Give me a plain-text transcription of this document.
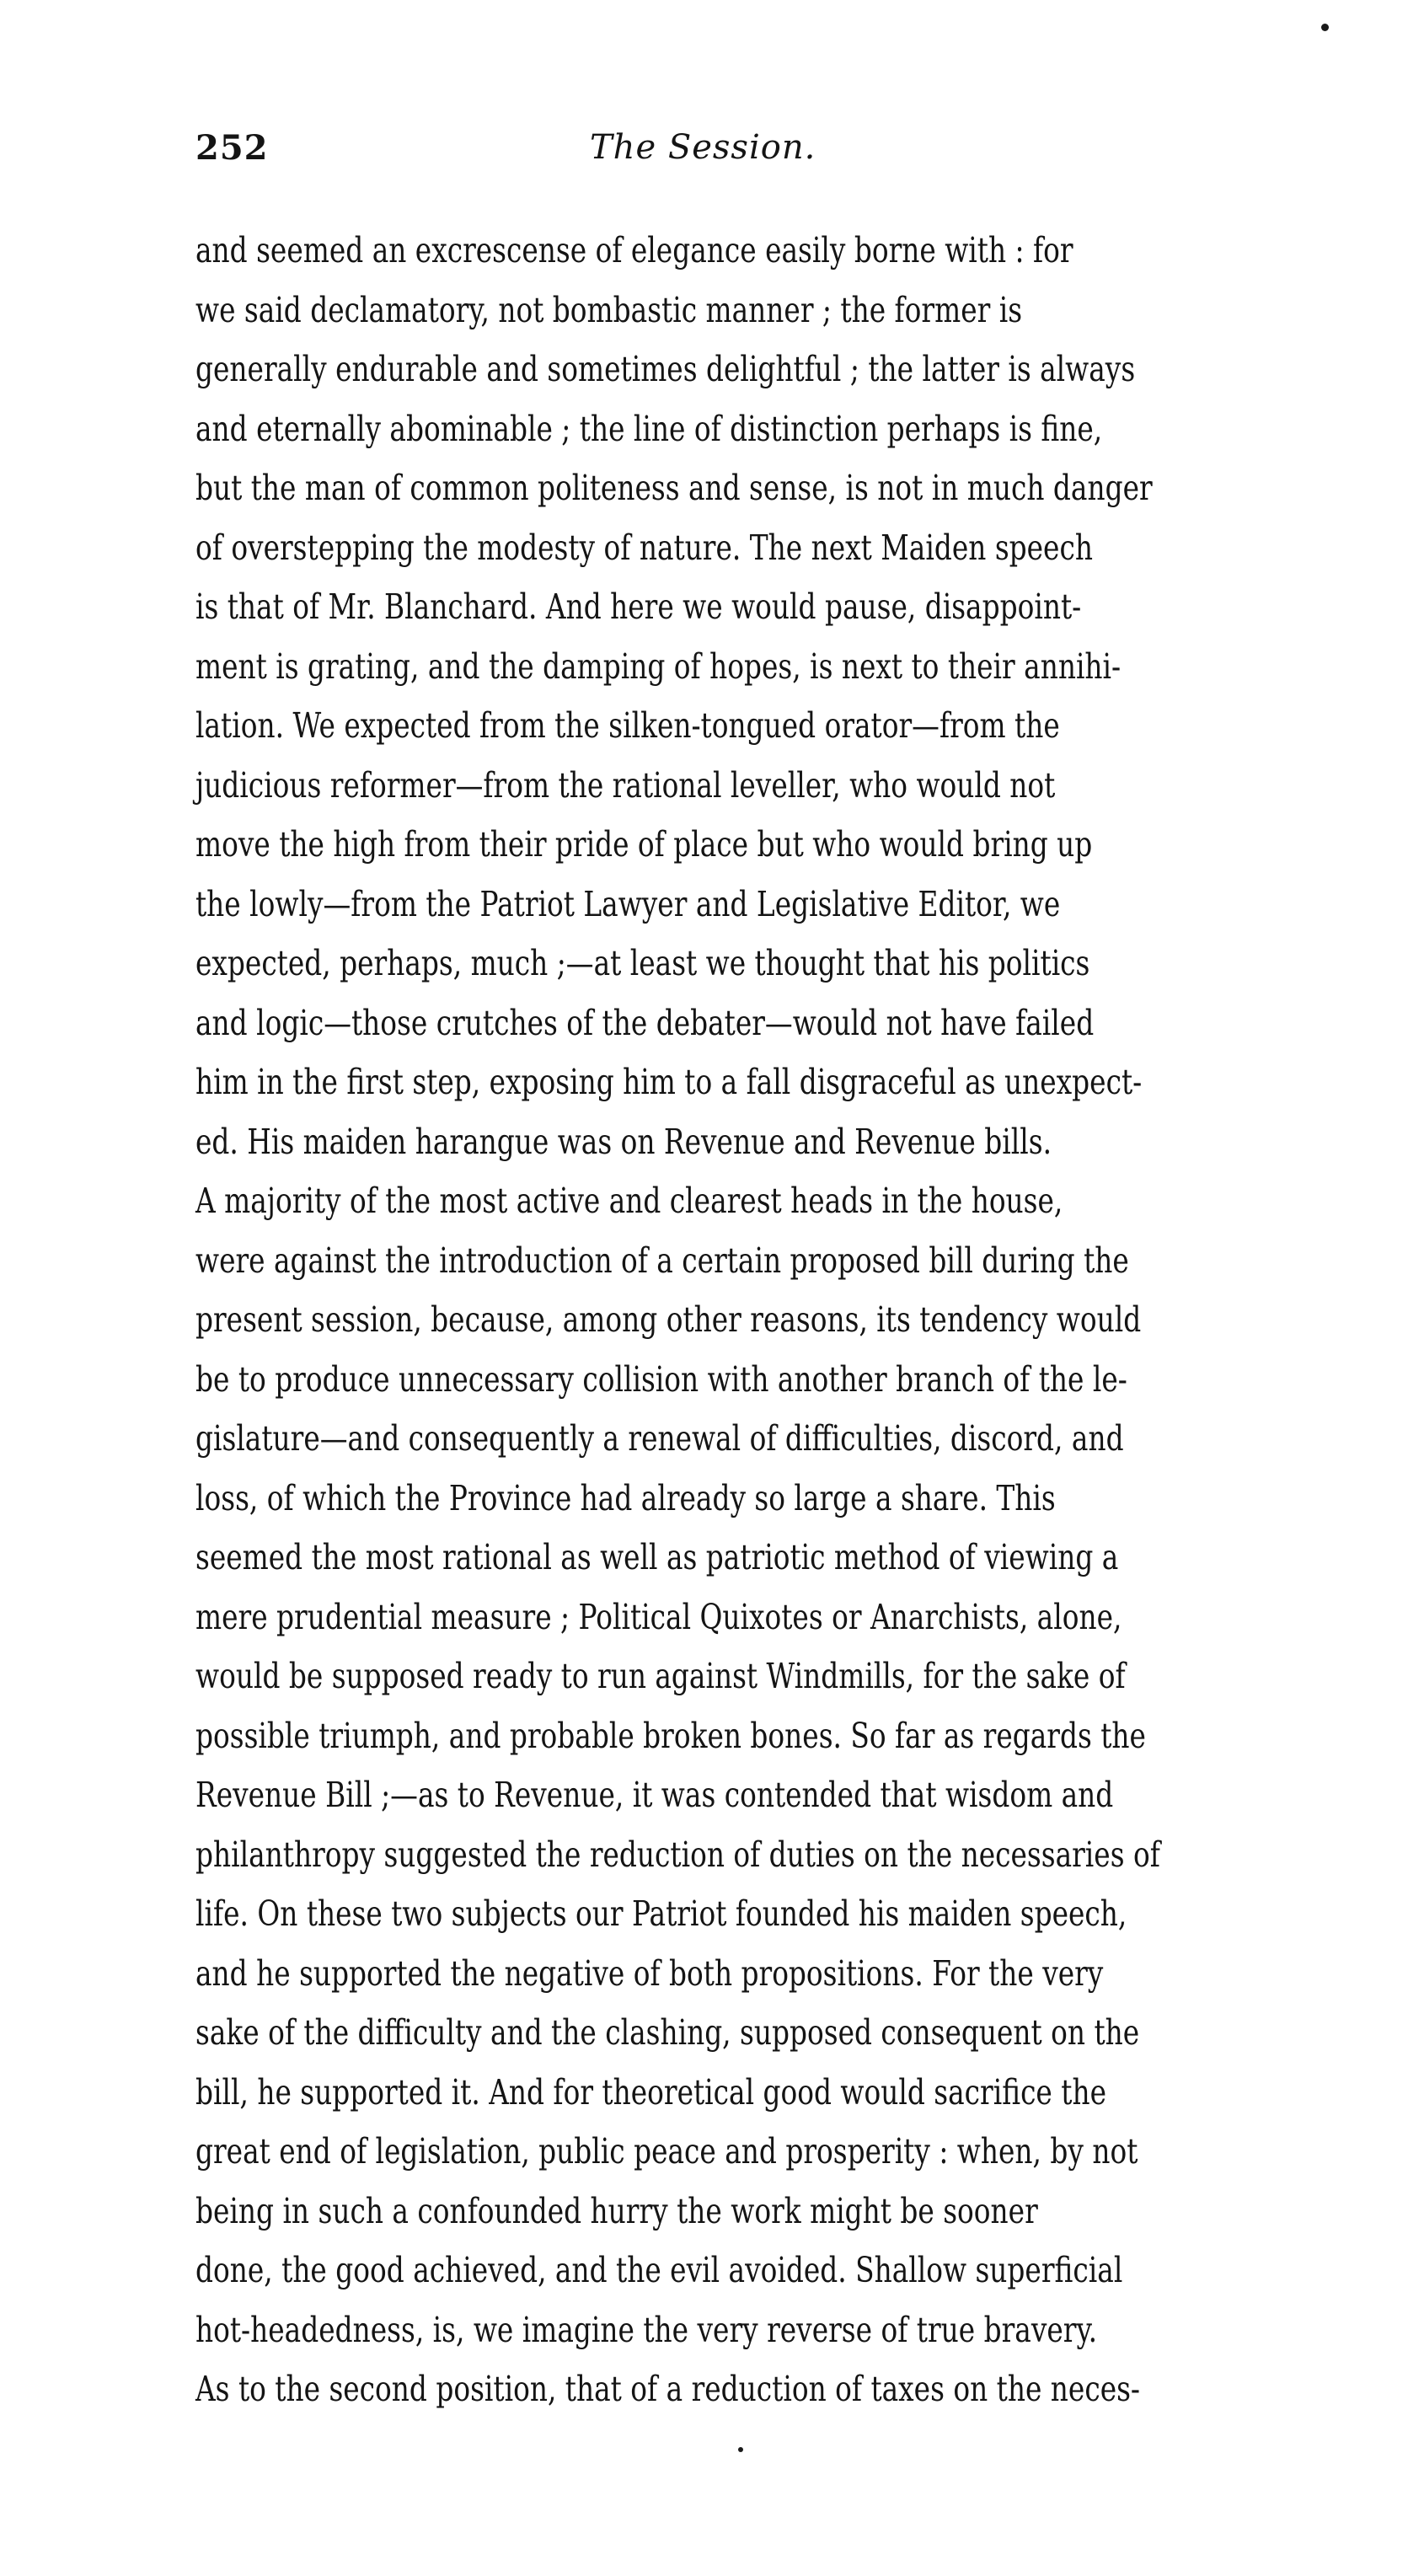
252	The Session.
and seemed an excrescense of elegance easily borne with : for
we said declamatory, not bombastic manner ; the former is
generally endurable and sometimes delightful ; the latter is always
and eternally abominable ; the line of distinction perhaps is fine,
but the man of common politeness and sense, is not in much danger
of overstepping the modesty of nature. The next Maiden speech
is that of Mr. Blanchard. And here we would pause, disappoint-
ment is grating, and the damping of hopes, is next to their annihi-
lation. We expected from the silken-tongued orator—from the
judicious reformer—from the rational leveller, who would not
move the high from their pride of place but who would bring up
the lowly—from the Patriot Lawyer and Legislative Editor, we
expected, perhaps, much ;—at least we thought that his politics
and logic—those crutches of the debater—would not have failed
him in the first step, exposing him to a fall disgraceful as unexpect-
ed. His maiden harangue was on Revenue and Revenue bills.
A majority of the most active and clearest heads in the house,
were against the introduction of a certain proposed bill during the
present session, because, among other reasons, its tendency would
be to produce unnecessary collision with another branch of the le-
gislature—and consequently a renewal of difficulties, discord, and
loss, of which the Province had already so large a share. This
seemed the most rational as well as patriotic method of viewing a
mere prudential measure ; Political Quixotes or Anarchists, alone,
would be supposed ready to run against Windmills, for the sake of
possible triumph, and probable broken bones. So far as regards the
Revenue Bill ;—as to Revenue, it was contended that wisdom and
philanthropy suggested the reduction of duties on the necessaries of
life. On these two subjects our Patriot founded his maiden speech,
and he supported the negative of both propositions. For the very
sake of the difficulty and the clashing, supposed consequent on the
bill, he supported it. And for theoretical good would sacrifice the
great end of legislation, public peace and prosperity : when, by not
being in such a confounded hurry the work might be sooner
done, the good achieved, and the evil avoided. Shallow superficial
hot-headedness, is, we imagine the very reverse of true bravery.
As to the second position, that of a reduction of taxes on the neces-
